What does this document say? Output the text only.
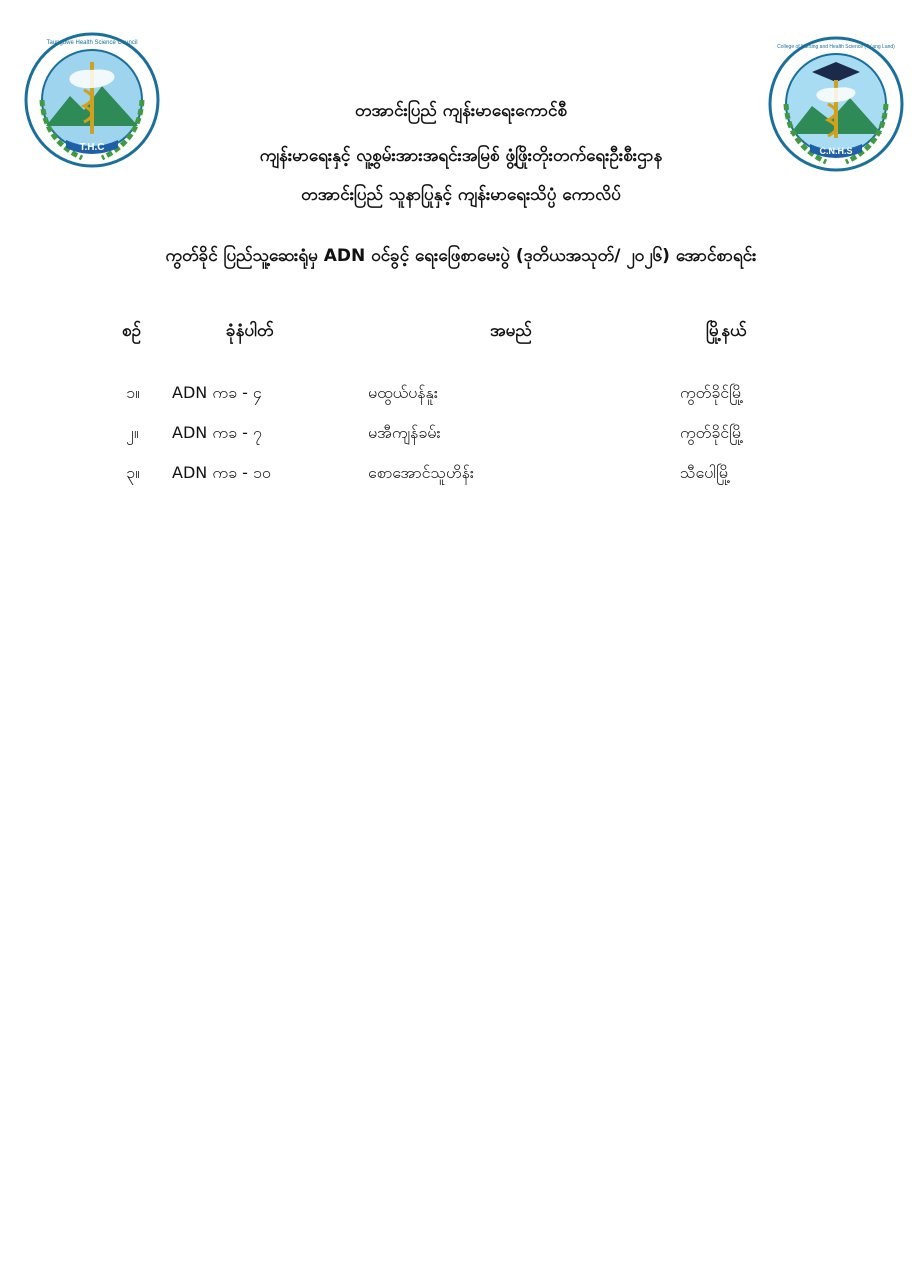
T.H.C
Taungbwe Health Science Council
C.N.H.S
College of Nursing and Health Science (Ta'ang Land)
တအာင်းပြည် ကျန်းမာရေးကောင်စီ
ကျန်းမာရေးနှင့် လူ့စွမ်းအားအရင်းအမြစ် ဖွံ့ဖြိုးတိုးတက်ရေးဦးစီးဌာန
တအာင်းပြည် သူနာပြုနှင့် ကျန်းမာရေးသိပ္ပံ ကောလိပ်
ကွတ်ခိုင် ပြည်သူ့ဆေးရုံမှ ADN ဝင်ခွင့် ရေးဖြေစာမေးပွဲ (ဒုတိယအသုတ်/ ၂၀၂၆) အောင်စာရင်း
စဥ်	ခုံနံပါတ်	အမည်	မြို့နယ်
၁။ ADN ကခ - ၄	မထွယ်ပန်နူး	ကွတ်ခိုင်မြို့
၂။ ADN ကခ - ၇	မအီကျန်ခမ်း	ကွတ်ခိုင်မြို့
၃။ ADN ကခ - ၁၀	စောအောင်သူဟိန်း	သီပေါမြို့
